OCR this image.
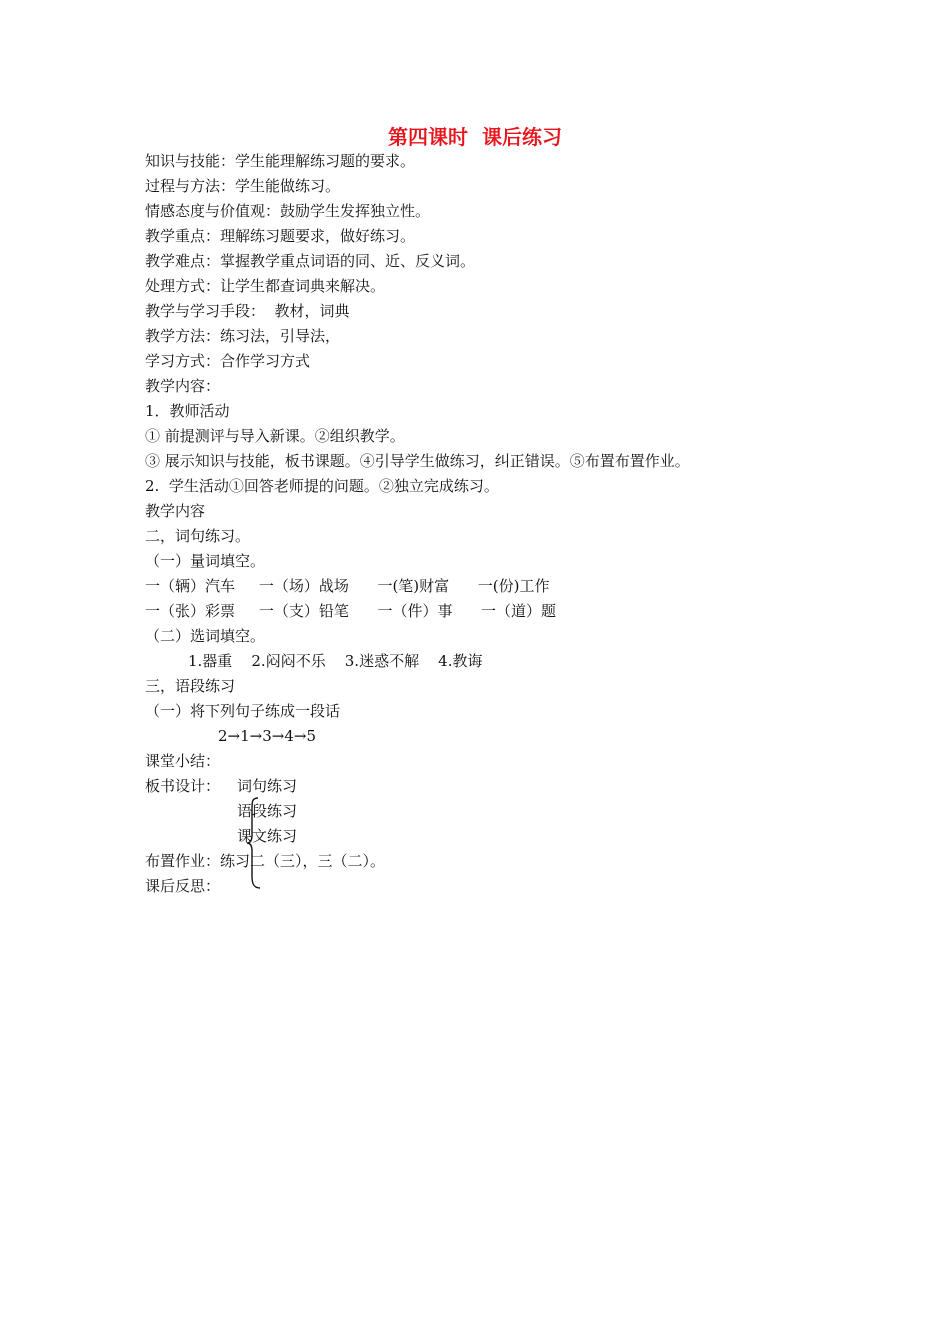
第四课时  课后练习
知识与技能：学生能理解练习题的要求。
过程与方法：学生能做练习。
情感态度与价值观：鼓励学生发挥独立性。
教学重点：理解练习题要求，做好练习。
教学难点：掌握教学重点词语的同、近、反义词。
处理方式：让学生都查词典来解决。
教学与学习手段：  教材，词典
教学方法：练习法，引导法，
学习方式：合作学习方式
教学内容：
1．教师活动
① 前提测评与导入新课。②组织教学。
③ 展示知识与技能，板书课题。④引导学生做练习，纠正错误。⑤布置布置作业。
2.  学生活动①回答老师提的问题。②独立完成练习。
教学内容
二，词句练习。
（一）量词填空。
一（辆）汽车     一（场）战场      一(笔)财富      一(份)工作
一（张）彩票     一（支）铅笔      一（件）事      一（道）题
（二）选词填空。
1.器重    2.闷闷不乐    3.迷惑不解    4.教诲
三，语段练习
（一）将下列句子练成一段话
2→1→3→4→5
课堂小结：
板书设计： 词句练习
语段练习
课文练习
布置作业：练习二（三），三（二）。
课后反思：
